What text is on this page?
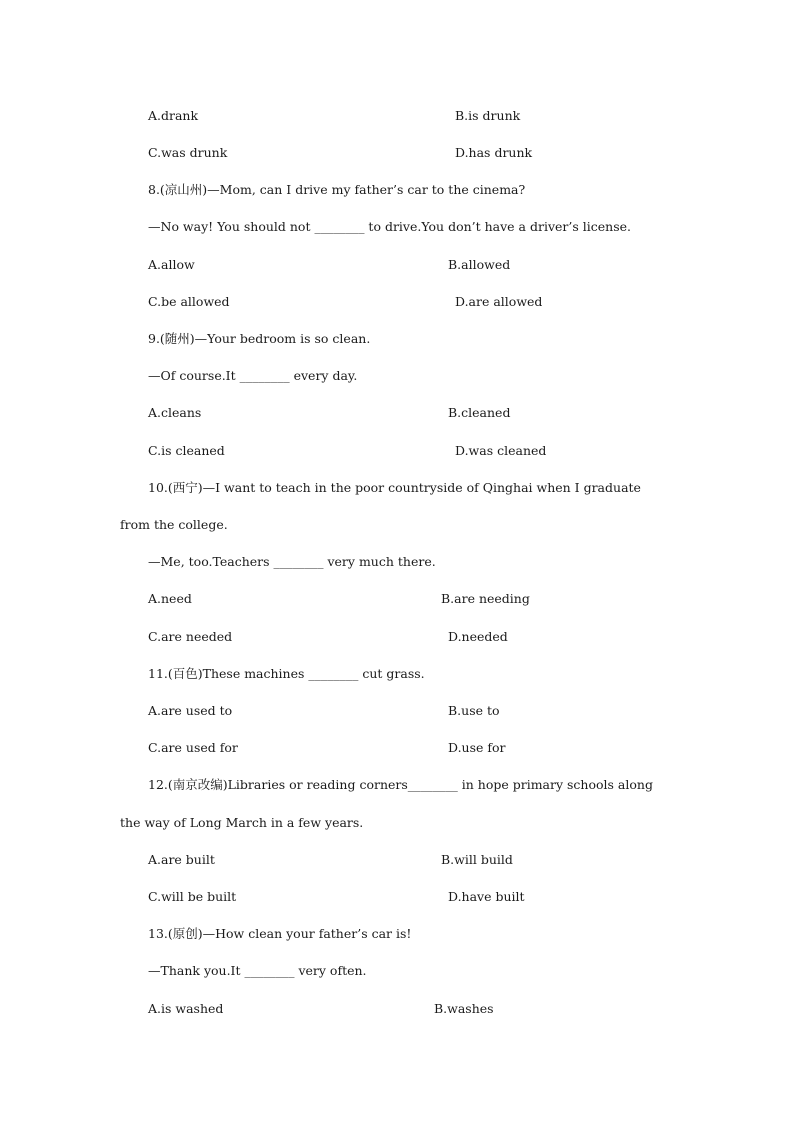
A.drank	B.is drunk
C.was drunk	D.has drunk
8.(凉山州)—Mom, can I drive my father’s car to the cinema?
—No way! You should not ________ to drive.You don’t have a driver’s license.
A.allow	B.allowed
C.be allowed	D.are allowed
9.(随州)—Your bedroom is so clean.
—Of course.It ________ every day.
A.cleans	B.cleaned
C.is cleaned	D.was cleaned
10.(西宁)—I want to teach in the poor countryside of Qinghai when I graduate
from the college.
—Me, too.Teachers ________ very much there.
A.need	B.are needing
C.are needed	D.needed
11.(百色)These machines ________ cut grass.
A.are used to	B.use to
C.are used for	D.use for
12.(南京改编)Libraries or reading corners________ in hope primary schools along
the way of Long March in a few years.
A.are built	B.will build
C.will be built	D.have built
13.(原创)—How clean your father’s car is!
—Thank you.It ________ very often.
A.is washed	B.washes
